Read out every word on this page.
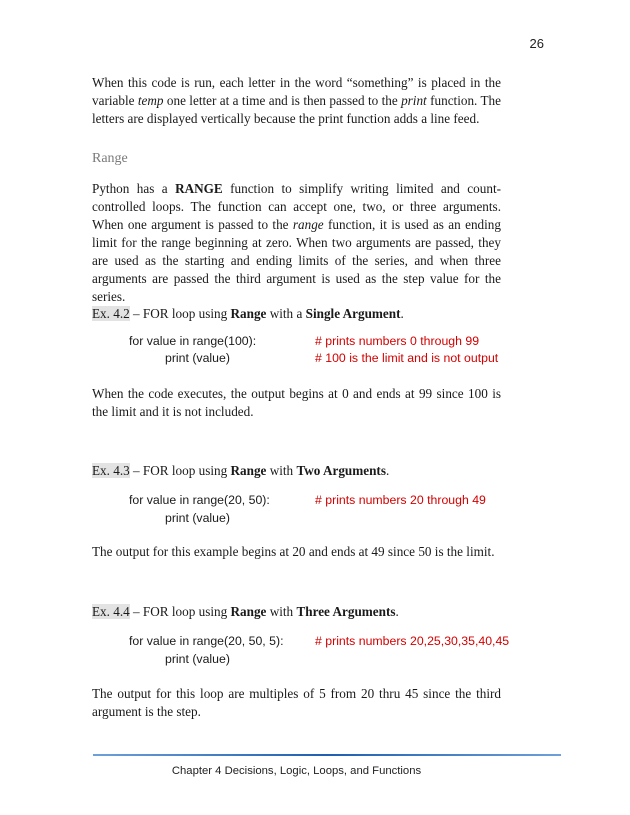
26

When this code is run, each letter in the word “something” is placed in the variable temp one letter at a time and is then passed to the print function. The letters are displayed vertically because the print function adds a line feed.

Range

Python has a RANGE function to simplify writing limited and count-controlled loops. The function can accept one, two, or three arguments. When one argument is passed to the range function, it is used as an ending limit for the range beginning at zero. When two arguments are passed, they are used as the starting and ending limits of the series, and when three arguments are passed the third argument is used as the step value for the series.

Ex. 4.2 – FOR loop using Range with a Single Argument.

for value in range(100):
print (value)
# prints numbers 0 through 99
# 100 is the limit and is not output

When the code executes, the output begins at 0 and ends at 99 since 100 is the limit and it is not included.

Ex. 4.3 – FOR loop using Range with Two Arguments.

for value in range(20, 50):
print (value)
# prints numbers 20 through 49

The output for this example begins at 20 and ends at 49 since 50 is the limit.

Ex. 4.4 – FOR loop using Range with Three Arguments.

for value in range(20, 50, 5):
print (value)
# prints numbers 20,25,30,35,40,45

The output for this loop are multiples of 5 from 20 thru 45 since the third argument is the step.

Chapter 4 Decisions, Logic, Loops, and Functions
